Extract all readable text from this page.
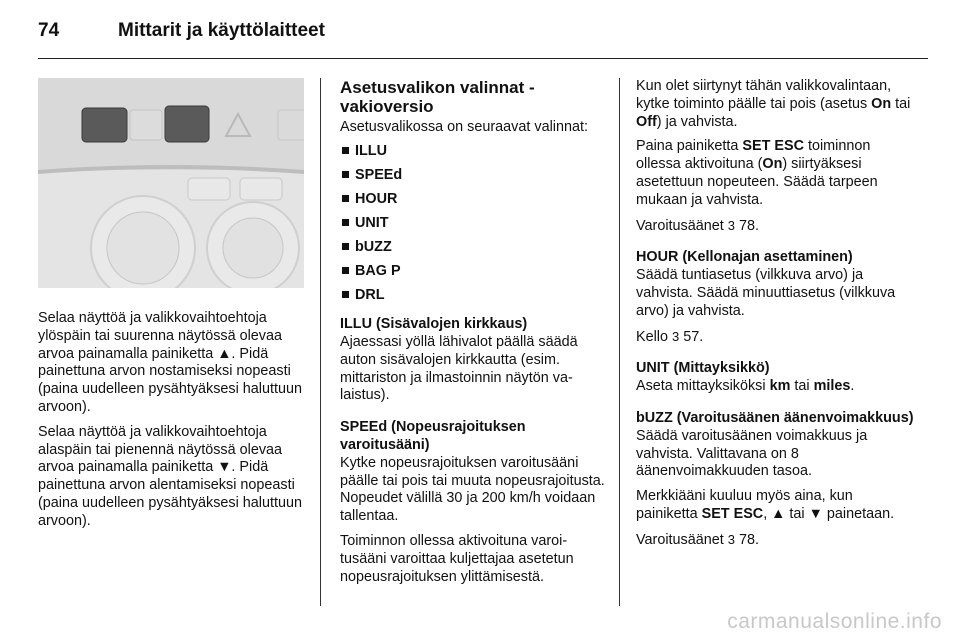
74	Mittarit ja käyttölaitteet

Selaa näyttöä ja valikkovaihtoehtoja ylöspäin tai suurenna näytössä olevaa arvoa painamalla painiketta ▲. Pidä painettuna arvon nostamiseksi nopeasti (paina uudelleen pysähtyäksesi haluttuun arvoon).

Selaa näyttöä ja valikkovaihtoehtoja alaspäin tai pienennä näytössä olevaa arvoa painamalla painiketta ▼. Pidä painettuna arvon alentamiseksi nopeasti (paina uudelleen pysähtyäksesi haluttuun arvoon).

Asetusvalikon valinnat - vakioversio

Asetusvalikossa on seuraavat valinnat:

ILLU
SPEEd
HOUR
UNIT
bUZZ
BAG P
DRL
ILLU (Sisävalojen kirkkaus)

Ajaessasi yöllä lähivalot päällä säädä auton sisävalojen kirkkautta (esim. mittariston ja ilmastoinnin näytön valaistus).

SPEEd (Nopeusrajoituksen varoitusääni)

Kytke nopeusrajoituksen varoitusääni päälle tai pois tai muuta nopeusrajoitusta. Nopeudet välillä 30 ja 200 km/h voidaan tallentaa.

Toiminnon ollessa aktivoituna varoitusääni varoittaa kuljettajaa asetetun nopeusrajoituksen ylittämisestä.

Kun olet siirtynyt tähän valikkovalintaan, kytke toiminto päälle tai pois (asetus On tai Off) ja vahvista.

Paina painiketta SET ESC toiminnon ollessa aktivoituna (On) siirtyäksesi asetettuun nopeuteen. Säädä tarpeen mukaan ja vahvista.

Varoitusäänet 3 78.

HOUR (Kellonajan asettaminen)

Säädä tuntiasetus (vilkkuva arvo) ja vahvista. Säädä minuuttiasetus (vilkkuva arvo) ja vahvista.

Kello 3 57.

UNIT (Mittayksikkö)

Aseta mittayksiköksi km tai miles.

bUZZ (Varoitusäänen äänenvoimakkuus)

Säädä varoitusäänen voimakkuus ja vahvista. Valittavana on 8 äänenvoimakkuuden tasoa.

Merkkiääni kuuluu myös aina, kun painiketta SET ESC, ▲ tai ▼ painetaan.

Varoitusäänet 3 78.

carmanualsonline.info
